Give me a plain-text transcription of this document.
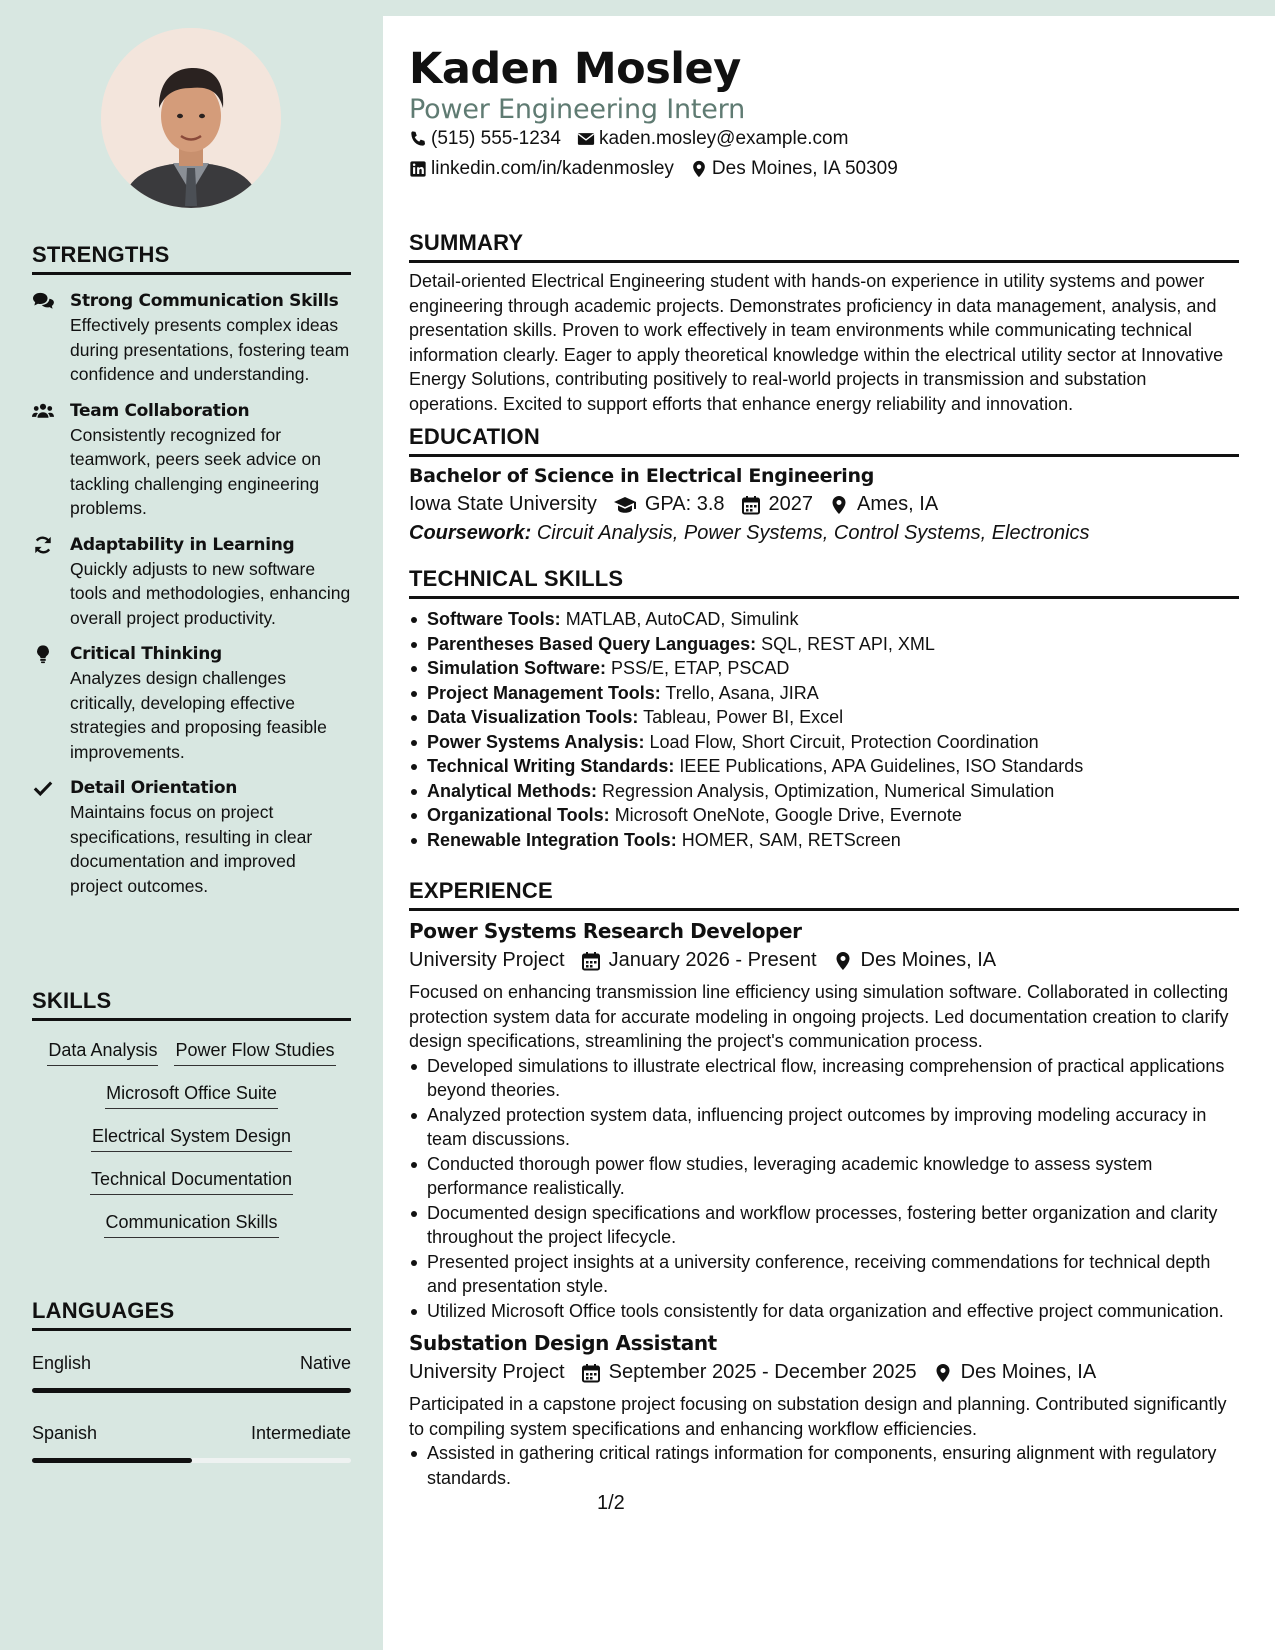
STRENGTHS
Strong Communication Skills
Effectively presents complex ideas during presentations, fostering team confidence and understanding.
Team Collaboration
Consistently recognized for teamwork, peers seek advice on tackling challenging engineering problems.
Adaptability in Learning
Quickly adjusts to new software tools and methodologies, enhancing overall project productivity.
Critical Thinking
Analyzes design challenges critically, developing effective strategies and proposing feasible improvements.
Detail Orientation
Maintains focus on project specifications, resulting in clear documentation and improved project outcomes.
SKILLS
Data Analysis Power Flow Studies
Microsoft Office Suite
Electrical System Design
Technical Documentation
Communication Skills
LANGUAGES
English	Native
Spanish	Intermediate
Kaden Mosley
Power Engineering Intern
(515) 555-1234 kaden.mosley@example.com
linkedin.com/in/kadenmosley Des Moines, IA 50309
SUMMARY
Detail-oriented Electrical Engineering student with hands-on experience in utility systems and power engineering through academic projects. Demonstrates proficiency in data management, analysis, and presentation skills. Proven to work effectively in team environments while communicating technical information clearly. Eager to apply theoretical knowledge within the electrical utility sector at Innovative Energy Solutions, contributing positively to real-world projects in transmission and substation operations. Excited to support efforts that enhance energy reliability and innovation.
EDUCATION
Bachelor of Science in Electrical Engineering
Iowa State University GPA: 3.8 2027 Ames, IA
Coursework: Circuit Analysis, Power Systems, Control Systems, Electronics
TECHNICAL SKILLS
Software Tools: MATLAB, AutoCAD, Simulink
Parentheses Based Query Languages: SQL, REST API, XML
Simulation Software: PSS/E, ETAP, PSCAD
Project Management Tools: Trello, Asana, JIRA
Data Visualization Tools: Tableau, Power BI, Excel
Power Systems Analysis: Load Flow, Short Circuit, Protection Coordination
Technical Writing Standards: IEEE Publications, APA Guidelines, ISO Standards
Analytical Methods: Regression Analysis, Optimization, Numerical Simulation
Organizational Tools: Microsoft OneNote, Google Drive, Evernote
Renewable Integration Tools: HOMER, SAM, RETScreen
EXPERIENCE
Power Systems Research Developer
University Project January 2026 - Present Des Moines, IA
Focused on enhancing transmission line efficiency using simulation software. Collaborated in collecting protection system data for accurate modeling in ongoing projects. Led documentation creation to clarify design specifications, streamlining the project's communication process.
Developed simulations to illustrate electrical flow, increasing comprehension of practical applications beyond theories.
Analyzed protection system data, influencing project outcomes by improving modeling accuracy in team discussions.
Conducted thorough power flow studies, leveraging academic knowledge to assess system performance realistically.
Documented design specifications and workflow processes, fostering better organization and clarity throughout the project lifecycle.
Presented project insights at a university conference, receiving commendations for technical depth and presentation style.
Utilized Microsoft Office tools consistently for data organization and effective project communication.
Substation Design Assistant
University Project September 2025 - December 2025 Des Moines, IA
Participated in a capstone project focusing on substation design and planning. Contributed significantly to compiling system specifications and enhancing workflow efficiencies.
Assisted in gathering critical ratings information for components, ensuring alignment with regulatory standards.
1/2
